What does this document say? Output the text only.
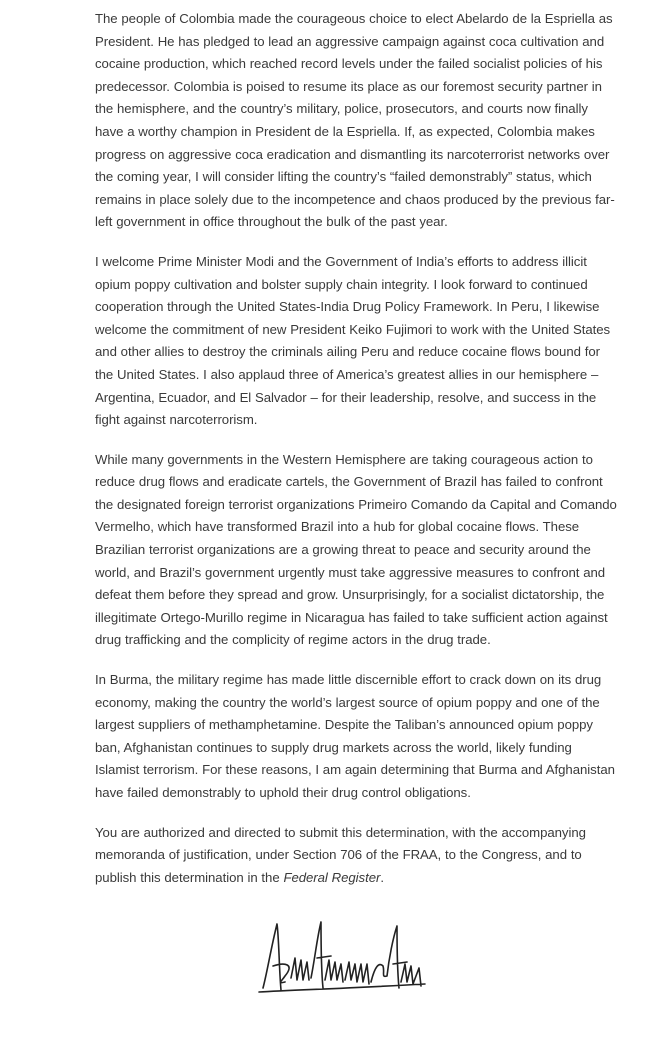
The people of Colombia made the courageous choice to elect Abelardo de la Espriella as President. He has pledged to lead an aggressive campaign against coca cultivation and cocaine production, which reached record levels under the failed socialist policies of his predecessor. Colombia is poised to resume its place as our foremost security partner in the hemisphere, and the country’s military, police, prosecutors, and courts now finally have a worthy champion in President de la Espriella. If, as expected, Colombia makes progress on aggressive coca eradication and dismantling its narcoterrorist networks over the coming year, I will consider lifting the country’s “failed demonstrably” status, which remains in place solely due to the incompetence and chaos produced by the previous far-left government in office throughout the bulk of the past year.

I welcome Prime Minister Modi and the Government of India’s efforts to address illicit opium poppy cultivation and bolster supply chain integrity. I look forward to continued cooperation through the United States-India Drug Policy Framework. In Peru, I likewise welcome the commitment of new President Keiko Fujimori to work with the United States and other allies to destroy the criminals ailing Peru and reduce cocaine flows bound for the United States. I also applaud three of America’s greatest allies in our hemisphere – Argentina, Ecuador, and El Salvador – for their leadership, resolve, and success in the fight against narcoterrorism.

While many governments in the Western Hemisphere are taking courageous action to reduce drug flows and eradicate cartels, the Government of Brazil has failed to confront the designated foreign terrorist organizations Primeiro Comando da Capital and Comando Vermelho, which have transformed Brazil into a hub for global cocaine flows. These Brazilian terrorist organizations are a growing threat to peace and security around the world, and Brazil’s government urgently must take aggressive measures to confront and defeat them before they spread and grow. Unsurprisingly, for a socialist dictatorship, the illegitimate Ortego-Murillo regime in Nicaragua has failed to take sufficient action against drug trafficking and the complicity of regime actors in the drug trade.

In Burma, the military regime has made little discernible effort to crack down on its drug economy, making the country the world’s largest source of opium poppy and one of the largest suppliers of methamphetamine. Despite the Taliban’s announced opium poppy ban, Afghanistan continues to supply drug markets across the world, likely funding Islamist terrorism. For these reasons, I am again determining that Burma and Afghanistan have failed demonstrably to uphold their drug control obligations.

You are authorized and directed to submit this determination, with the accompanying memoranda of justification, under Section 706 of the FRAA, to the Congress, and to publish this determination in the Federal Register.
